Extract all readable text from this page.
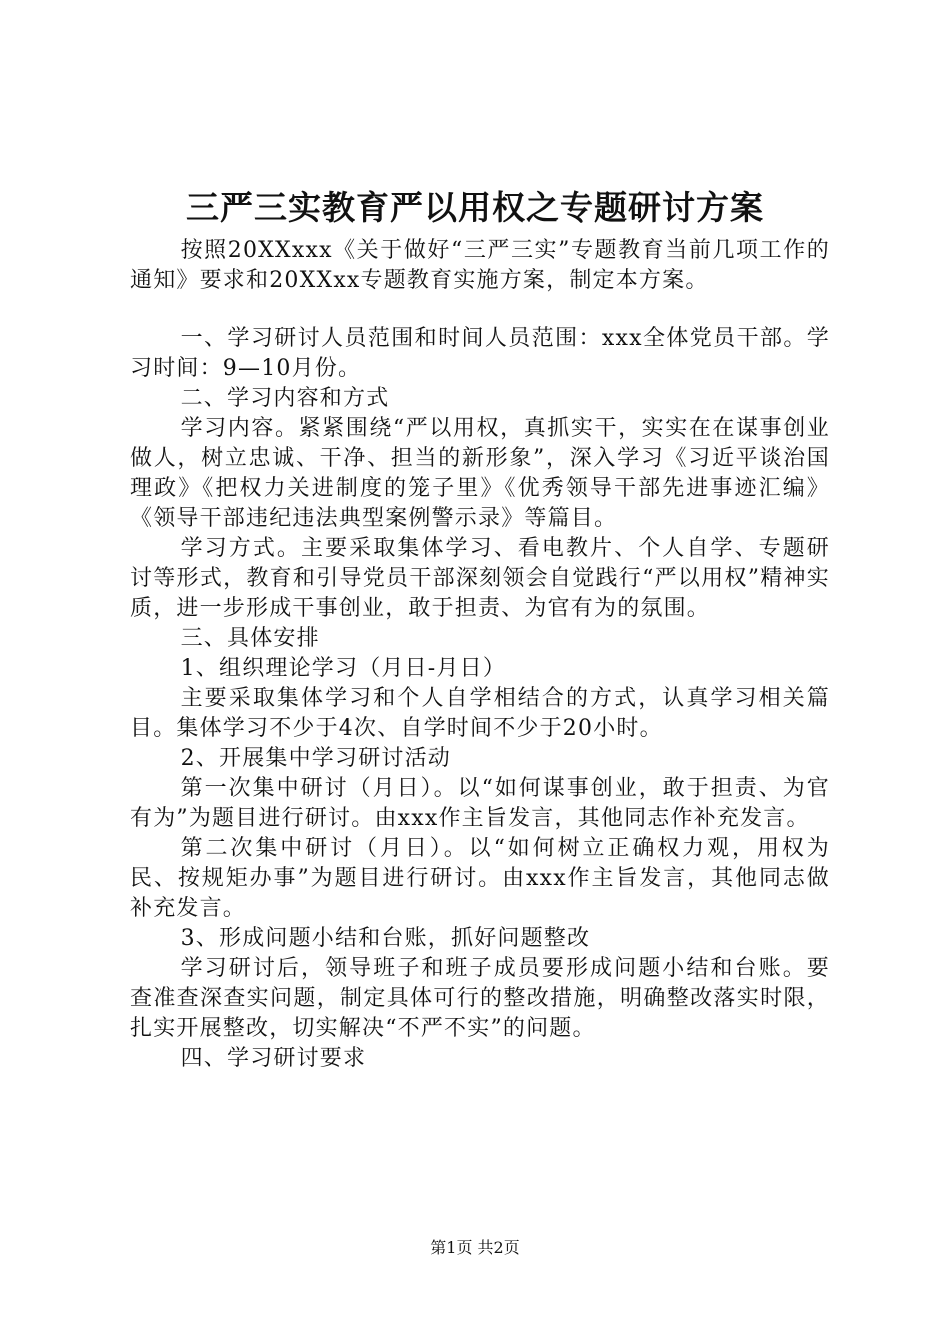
三严三实教育严以用权之专题研讨方案

按照20XXxxx《关于做好“三严三实”专题教育当前几项工作的通知》要求和20XXxx专题教育实施方案，制定本方案。

一、学习研讨人员范围和时间人员范围：xxx全体党员干部。学习时间：9—10月份。

二、学习内容和方式

学习内容。紧紧围绕“严以用权，真抓实干，实实在在谋事创业做人，树立忠诚、干净、担当的新形象”，深入学习《习近平谈治国理政》《把权力关进制度的笼子里》《优秀领导干部先进事迹汇编》《领导干部违纪违法典型案例警示录》等篇目。

学习方式。主要采取集体学习、看电教片、个人自学、专题研讨等形式，教育和引导党员干部深刻领会自觉践行“严以用权”精神实质，进一步形成干事创业，敢于担责、为官有为的氛围。

三、具体安排

1、组织理论学习（月日-月日）

主要采取集体学习和个人自学相结合的方式，认真学习相关篇目。集体学习不少于4次、自学时间不少于20小时。

2、开展集中学习研讨活动

第一次集中研讨（月日）。以“如何谋事创业，敢于担责、为官有为”为题目进行研讨。由xxx作主旨发言，其他同志作补充发言。

第二次集中研讨（月日）。以“如何树立正确权力观，用权为民、按规矩办事”为题目进行研讨。由xxx作主旨发言，其他同志做补充发言。

3、形成问题小结和台账，抓好问题整改

学习研讨后，领导班子和班子成员要形成问题小结和台账。要查准查深查实问题，制定具体可行的整改措施，明确整改落实时限，扎实开展整改，切实解决“不严不实”的问题。

四、学习研讨要求

第1页 共2页
